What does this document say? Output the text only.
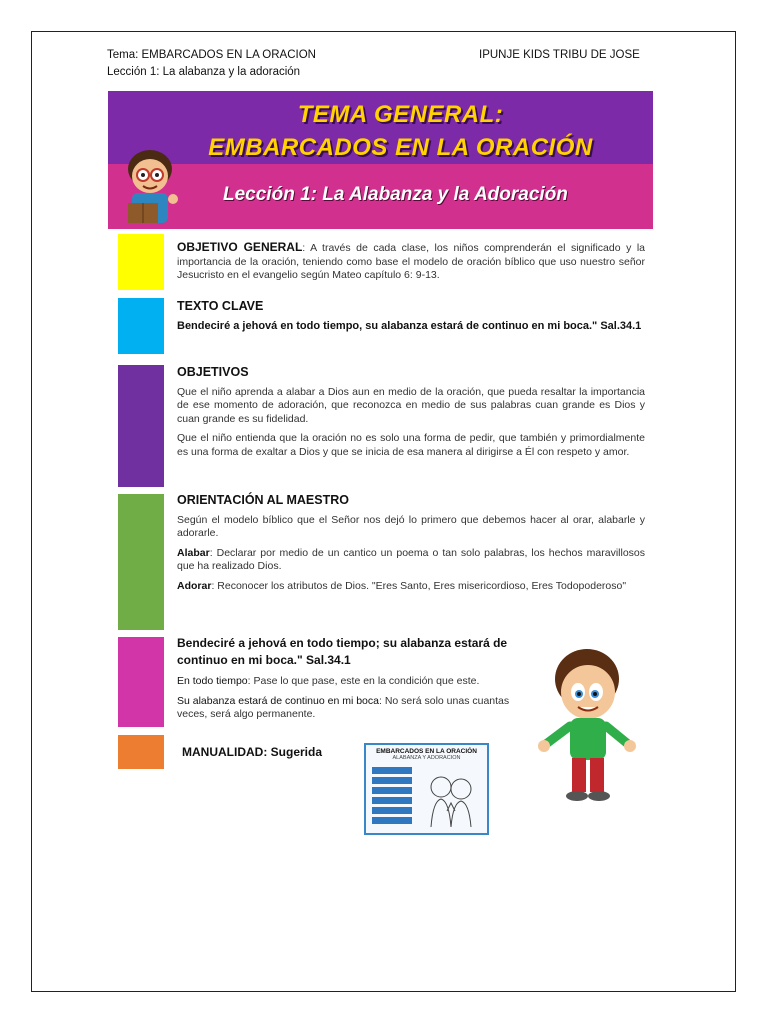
Tema: EMBARCADOS EN LA ORACION
Lección 1: La alabanza y la adoración
IPUNJE KIDS TRIBU DE JOSE
TEMA GENERAL:
EMBARCADOS EN LA ORACIÓN
Lección 1: La Alabanza y la Adoración

OBJETIVO GENERAL: A través de cada clase, los niños comprenderán el significado y la importancia de la oración, teniendo como base el modelo de oración bíblico que uso nuestro señor Jesucristo en el evangelio según Mateo capítulo 6: 9-13.

TEXTO CLAVE

Bendeciré a jehová en todo tiempo, su alabanza estará de continuo en mi boca." Sal.34.1

OBJETIVOS

Que el niño aprenda a alabar a Dios aun en medio de la oración, que pueda resaltar la importancia de ese momento de adoración, que reconozca en medio de sus palabras cuan grande es Dios y cuan grande es su fidelidad.

Que el niño entienda que la oración no es solo una forma de pedir, que también y primordialmente es una forma de exaltar a Dios y que se inicia de esa manera al dirigirse a Él con respeto y amor.

ORIENTACIÓN AL MAESTRO

Según el modelo bíblico que el Señor nos dejó lo primero que debemos hacer al orar, alabarle y adorarle.

Alabar: Declarar por medio de un cantico un poema o tan solo palabras, los hechos maravillosos que ha realizado Dios.

Adorar: Reconocer los atributos de Dios. "Eres Santo, Eres misericordioso, Eres Todopoderoso"

Bendeciré a jehová en todo tiempo; su alabanza estará de continuo en mi boca." Sal.34.1

En todo tiempo: Pase lo que pase, este en la condición que este.

Su alabanza estará de continuo en mi boca: No será solo unas cuantas veces, será algo permanente.

MANUALIDAD: Sugerida	EMBARCADOS EN LA ORACIÓN
ALABANZA Y ADORACION
